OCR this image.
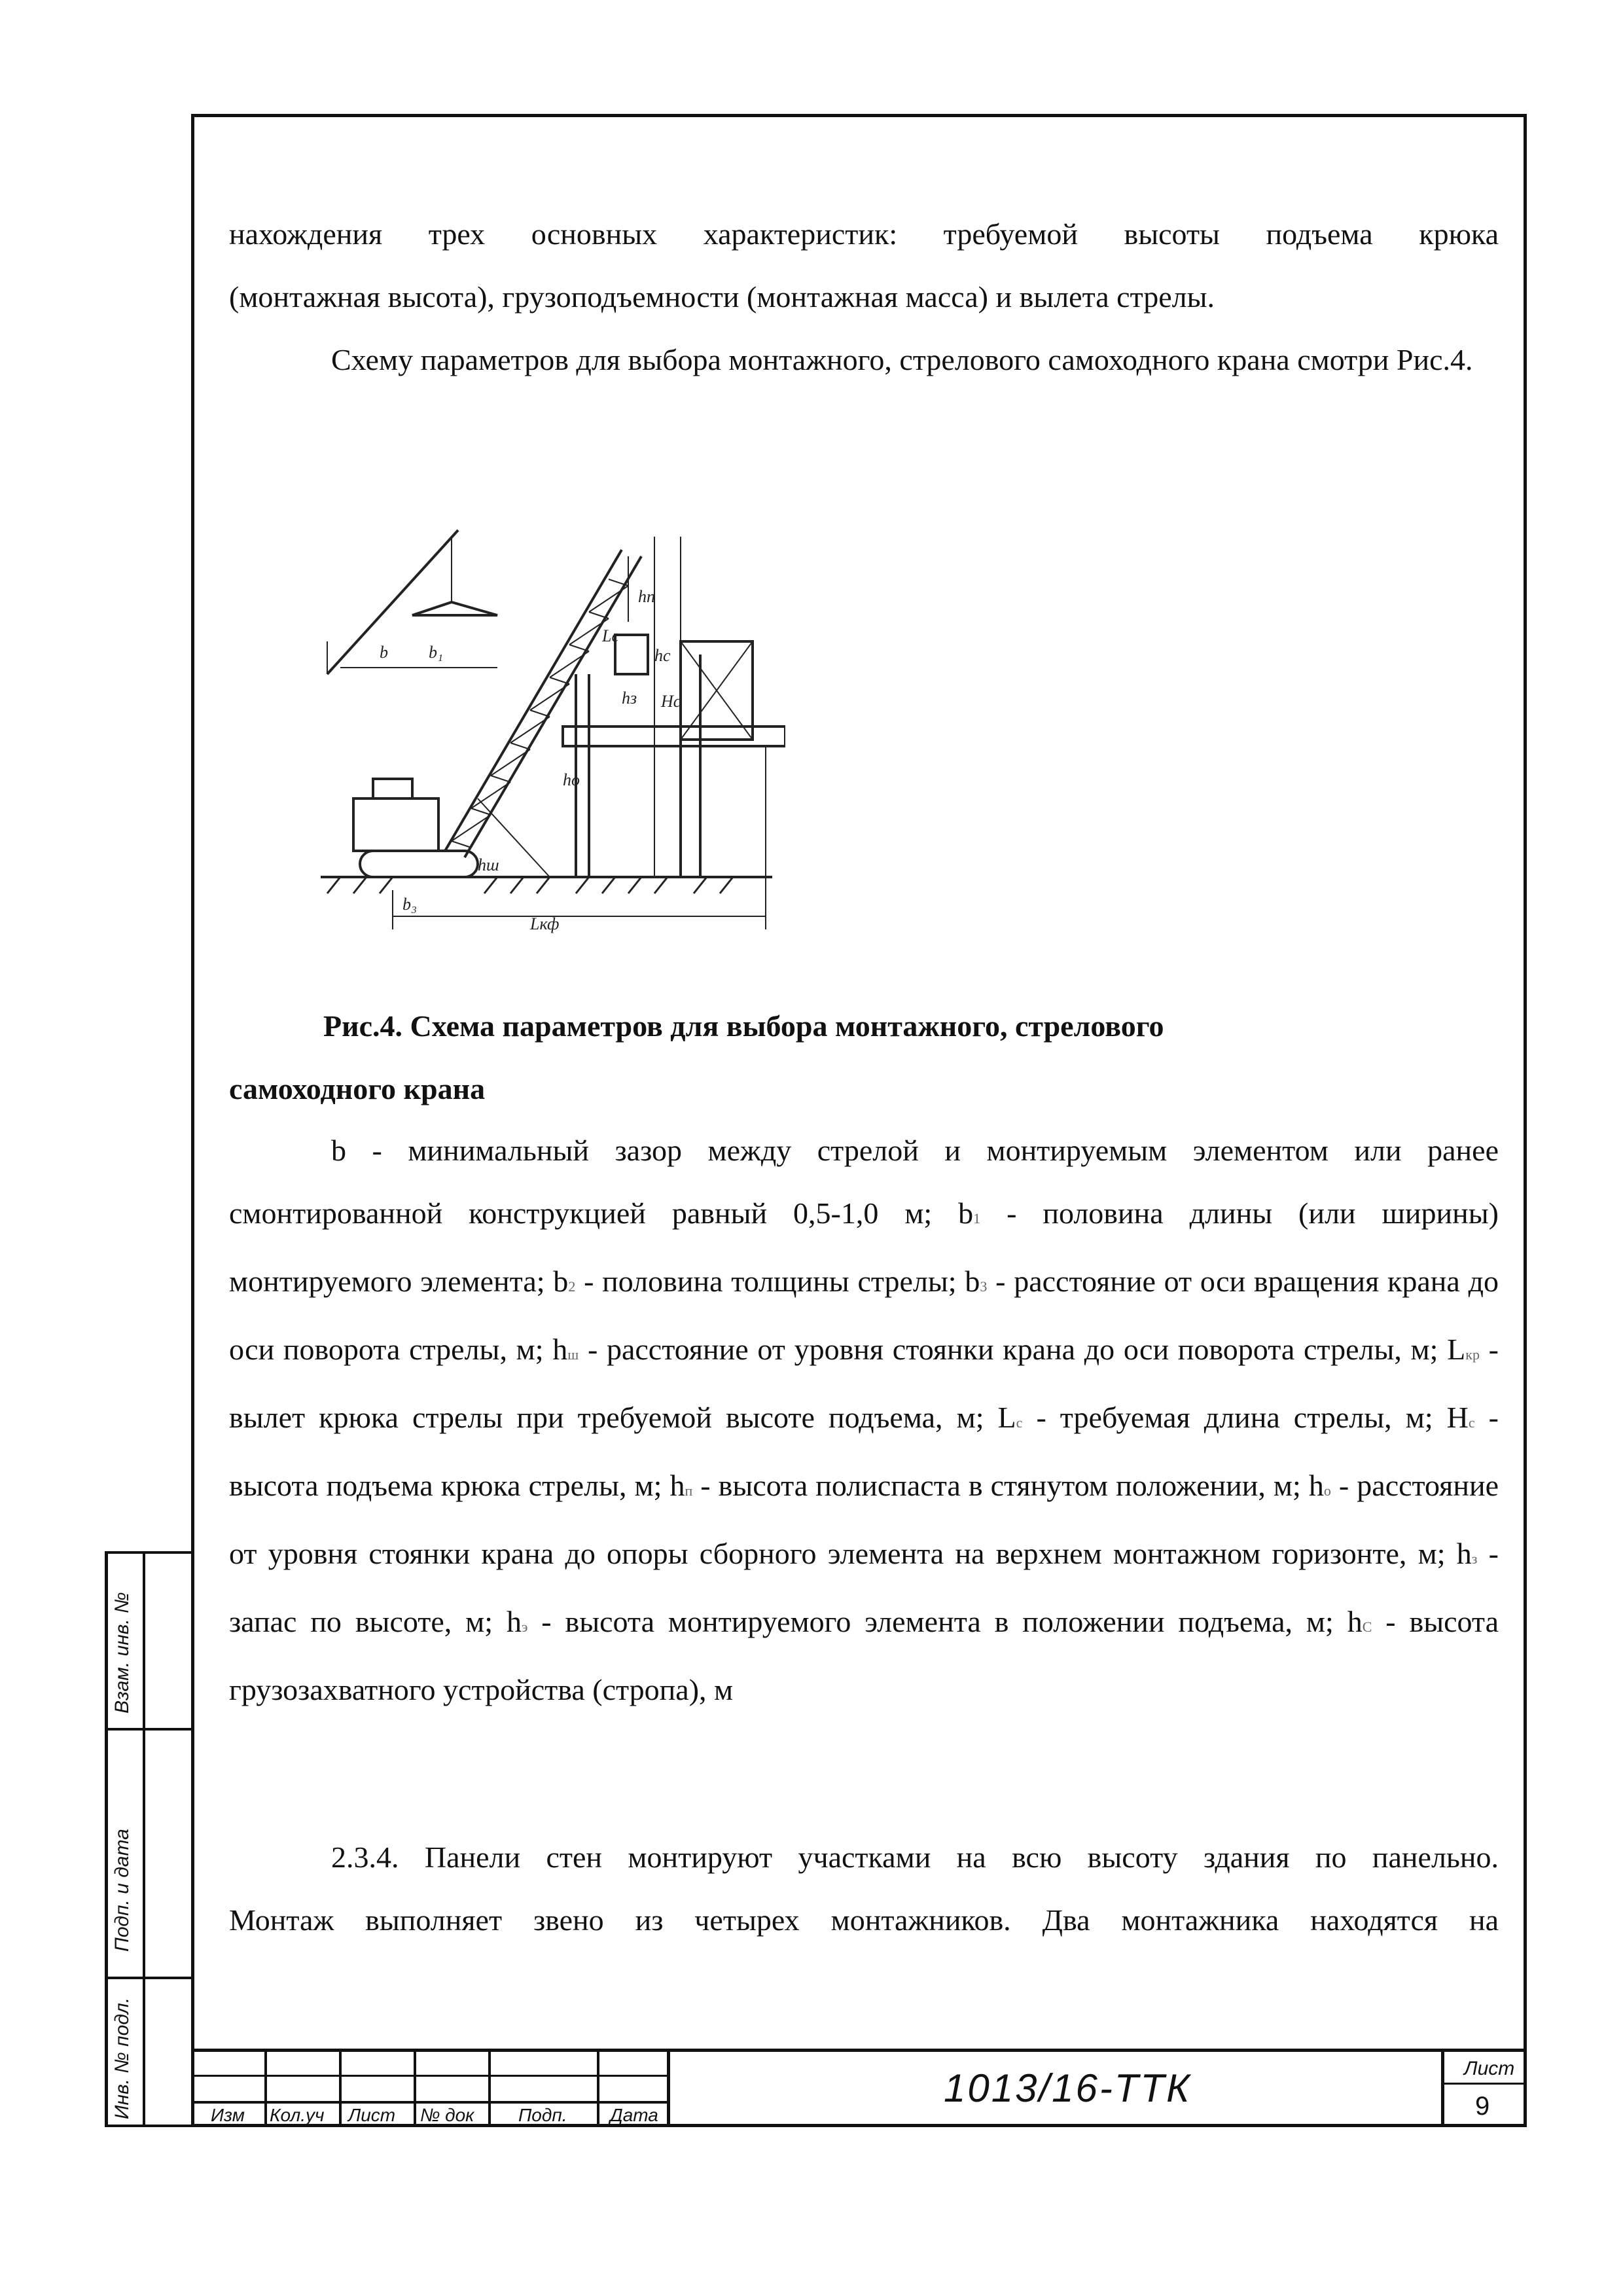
нахождения трех основных характеристик: требуемой высоты подъема крюка

(монтажная высота), грузоподъемности (монтажная масса) и вылета стрелы.

Схему параметров для выбора монтажного, стрелового самоходного крана смотри Рис.4.

b b₁
b₃
hо
hп
hс
hз Hс
Lс
Lкф
hш
Рис.4. Схема параметров для выбора монтажного, стрелового
самоходного крана

b - минимальный зазор между стрелой и монтируемым элементом или ранее смонтированной конструкцией равный 0,5-1,0 м; b1 - половина длины (или ширины) монтируемого элемента; b2 - половина толщины стрелы; b3 - расстояние от оси вращения крана до оси поворота стрелы, м; hш - расстояние от уровня стоянки крана до оси поворота стрелы, м; Lкр - вылет крюка стрелы при требуемой высоте подъема, м; Lс - требуемая длина стрелы, м; Hс - высота подъема крюка стрелы, м; hп - высота полиспаста в стянутом положении, м; hо - расстояние от уровня стоянки крана до опоры сборного элемента на верхнем монтажном горизонте, м; hз - запас по высоте, м; hэ - высота монтируемого элемента в положении подъема, м; hС - высота грузозахватного устройства (стропа), м

2.3.4. Панели стен монтируют участками на всю высоту здания по панельно.

Монтаж выполняет звено из четырех монтажников. Два монтажника находятся на

Изм Кол.уч Лист № док Подп. Дата
1013/16-ТТК	Лист
9
Взам. инв. №
Подп. и дата
Инв. № подл.
